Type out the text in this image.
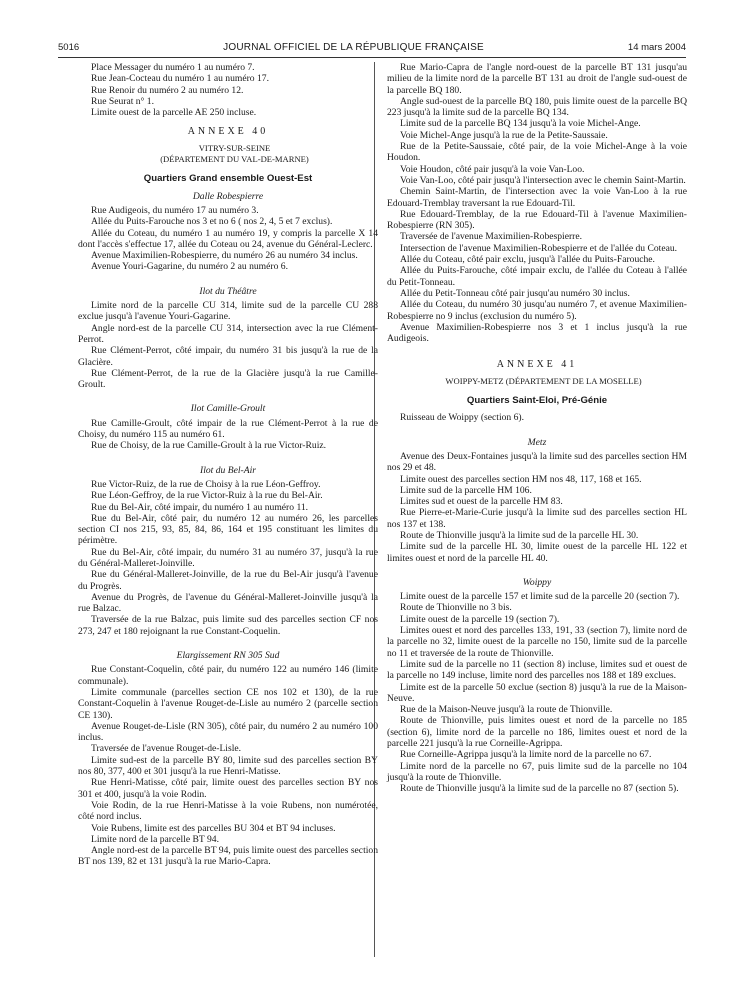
5016	JOURNAL OFFICIEL DE LA RÉPUBLIQUE FRANÇAISE	14 mars 2004

Place Messager du numéro 1 au numéro 7.

Rue Jean-Cocteau du numéro 1 au numéro 17.

Rue Renoir du numéro 2 au numéro 12.

Rue Seurat n° 1.

Limite ouest de la parcelle AE 250 incluse.

ANNEXE 40

VITRY-SUR-SEINE

(DÉPARTEMENT DU VAL-DE-MARNE)

Quartiers Grand ensemble Ouest-Est
Dalle Robespierre

Rue Audigeois, du numéro 17 au numéro 3.

Allée du Puits-Farouche nos 3 et no 6 ( nos 2, 4, 5 et 7 exclus).

Allée du Coteau, du numéro 1 au numéro 19, y compris la parcelle X 14 dont l'accès s'effectue 17, allée du Coteau ou 24, avenue du Général-Leclerc.

Avenue Maximilien-Robespierre, du numéro 26 au numéro 34 inclus.

Avenue Youri-Gagarine, du numéro 2 au numéro 6.

Ilot du Théâtre

Limite nord de la parcelle CU 314, limite sud de la parcelle CU 288 exclue jusqu'à l'avenue Youri-Gagarine.

Angle nord-est de la parcelle CU 314, intersection avec la rue Clément-Perrot.

Rue Clément-Perrot, côté impair, du numéro 31 bis jusqu'à la rue de la Glacière.

Rue Clément-Perrot, de la rue de la Glacière jusqu'à la rue Camille-Groult.

Ilot Camille-Groult

Rue Camille-Groult, côté impair de la rue Clément-Perrot à la rue de Choisy, du numéro 115 au numéro 61.

Rue de Choisy, de la rue Camille-Groult à la rue Victor-Ruiz.

Ilot du Bel-Air

Rue Victor-Ruiz, de la rue de Choisy à la rue Léon-Geffroy.

Rue Léon-Geffroy, de la rue Victor-Ruiz à la rue du Bel-Air.

Rue du Bel-Air, côté impair, du numéro 1 au numéro 11.

Rue du Bel-Air, côté pair, du numéro 12 au numéro 26, les parcelles section CI nos 215, 93, 85, 84, 86, 164 et 195 constituant les limites du périmètre.

Rue du Bel-Air, côté impair, du numéro 31 au numéro 37, jusqu'à la rue du Général-Malleret-Joinville.

Rue du Général-Malleret-Joinville, de la rue du Bel-Air jusqu'à l'avenue du Progrès.

Avenue du Progrès, de l'avenue du Général-Malleret-Joinville jusqu'à la rue Balzac.

Traversée de la rue Balzac, puis limite sud des parcelles section CF nos 273, 247 et 180 rejoignant la rue Constant-Coquelin.

Elargissement RN 305 Sud

Rue Constant-Coquelin, côté pair, du numéro 122 au numéro 146 (limite communale).

Limite communale (parcelles section CE nos 102 et 130), de la rue Constant-Coquelin à l'avenue Rouget-de-Lisle au numéro 2 (parcelle section CE 130).

Avenue Rouget-de-Lisle (RN 305), côté pair, du numéro 2 au numéro 100 inclus.

Traversée de l'avenue Rouget-de-Lisle.

Limite sud-est de la parcelle BY 80, limite sud des parcelles section BY nos 80, 377, 400 et 301 jusqu'à la rue Henri-Matisse.

Rue Henri-Matisse, côté pair, limite ouest des parcelles section BY nos 301 et 400, jusqu'à la voie Rodin.

Voie Rodin, de la rue Henri-Matisse à la voie Rubens, non numérotée, côté nord inclus.

Voie Rubens, limite est des parcelles BU 304 et BT 94 incluses.

Limite nord de la parcelle BT 94.

Angle nord-est de la parcelle BT 94, puis limite ouest des parcelles section BT nos 139, 82 et 131 jusqu'à la rue Mario-Capra.

Rue Mario-Capra de l'angle nord-ouest de la parcelle BT 131 jusqu'au milieu de la limite nord de la parcelle BT 131 au droit de l'angle sud-ouest de la parcelle BQ 180.

Angle sud-ouest de la parcelle BQ 180, puis limite ouest de la parcelle BQ 223 jusqu'à la limite sud de la parcelle BQ 134.

Limite sud de la parcelle BQ 134 jusqu'à la voie Michel-Ange.

Voie Michel-Ange jusqu'à la rue de la Petite-Saussaie.

Rue de la Petite-Saussaie, côté pair, de la voie Michel-Ange à la voie Houdon.

Voie Houdon, côté pair jusqu'à la voie Van-Loo.

Voie Van-Loo, côté pair jusqu'à l'intersection avec le chemin Saint-Martin.

Chemin Saint-Martin, de l'intersection avec la voie Van-Loo à la rue Edouard-Tremblay traversant la rue Edouard-Til.

Rue Edouard-Tremblay, de la rue Edouard-Til à l'avenue Maximilien-Robespierre (RN 305).

Traversée de l'avenue Maximilien-Robespierre.

Intersection de l'avenue Maximilien-Robespierre et de l'allée du Coteau.

Allée du Coteau, côté pair exclu, jusqu'à l'allée du Puits-Farouche.

Allée du Puits-Farouche, côté impair exclu, de l'allée du Coteau à l'allée du Petit-Tonneau.

Allée du Petit-Tonneau côté pair jusqu'au numéro 30 inclus.

Allée du Coteau, du numéro 30 jusqu'au numéro 7, et avenue Maximilien-Robespierre no 9 inclus (exclusion du numéro 5).

Avenue Maximilien-Robespierre nos 3 et 1 inclus jusqu'à la rue Audigeois.

ANNEXE 41

WOIPPY-METZ (DÉPARTEMENT DE LA MOSELLE)

Quartiers Saint-Eloi, Pré-Génie

Ruisseau de Woippy (section 6).

Metz

Avenue des Deux-Fontaines jusqu'à la limite sud des parcelles section HM nos 29 et 48.

Limite ouest des parcelles section HM nos 48, 117, 168 et 165.

Limite sud de la parcelle HM 106.

Limites sud et ouest de la parcelle HM 83.

Rue Pierre-et-Marie-Curie jusqu'à la limite sud des parcelles section HL nos 137 et 138.

Route de Thionville jusqu'à la limite sud de la parcelle HL 30.

Limite sud de la parcelle HL 30, limite ouest de la parcelle HL 122 et limites ouest et nord de la parcelle HL 40.

Woippy

Limite ouest de la parcelle 157 et limite sud de la parcelle 20 (section 7).

Route de Thionville no 3 bis.

Limite ouest de la parcelle 19 (section 7).

Limites ouest et nord des parcelles 133, 191, 33 (section 7), limite nord de la parcelle no 32, limite ouest de la parcelle no 150, limite sud de la parcelle no 11 et traversée de la route de Thionville.

Limite sud de la parcelle no 11 (section 8) incluse, limites sud et ouest de la parcelle no 149 incluse, limite nord des parcelles nos 188 et 189 exclues.

Limite est de la parcelle 50 exclue (section 8) jusqu'à la rue de la Maison-Neuve.

Rue de la Maison-Neuve jusqu'à la route de Thionville.

Route de Thionville, puis limites ouest et nord de la parcelle no 185 (section 6), limite nord de la parcelle no 186, limites ouest et nord de la parcelle 221 jusqu'à la rue Corneille-Agrippa.

Rue Corneille-Agrippa jusqu'à la limite nord de la parcelle no 67.

Limite nord de la parcelle no 67, puis limite sud de la parcelle no 104 jusqu'à la route de Thionville.

Route de Thionville jusqu'à la limite sud de la parcelle no 87 (section 5).
